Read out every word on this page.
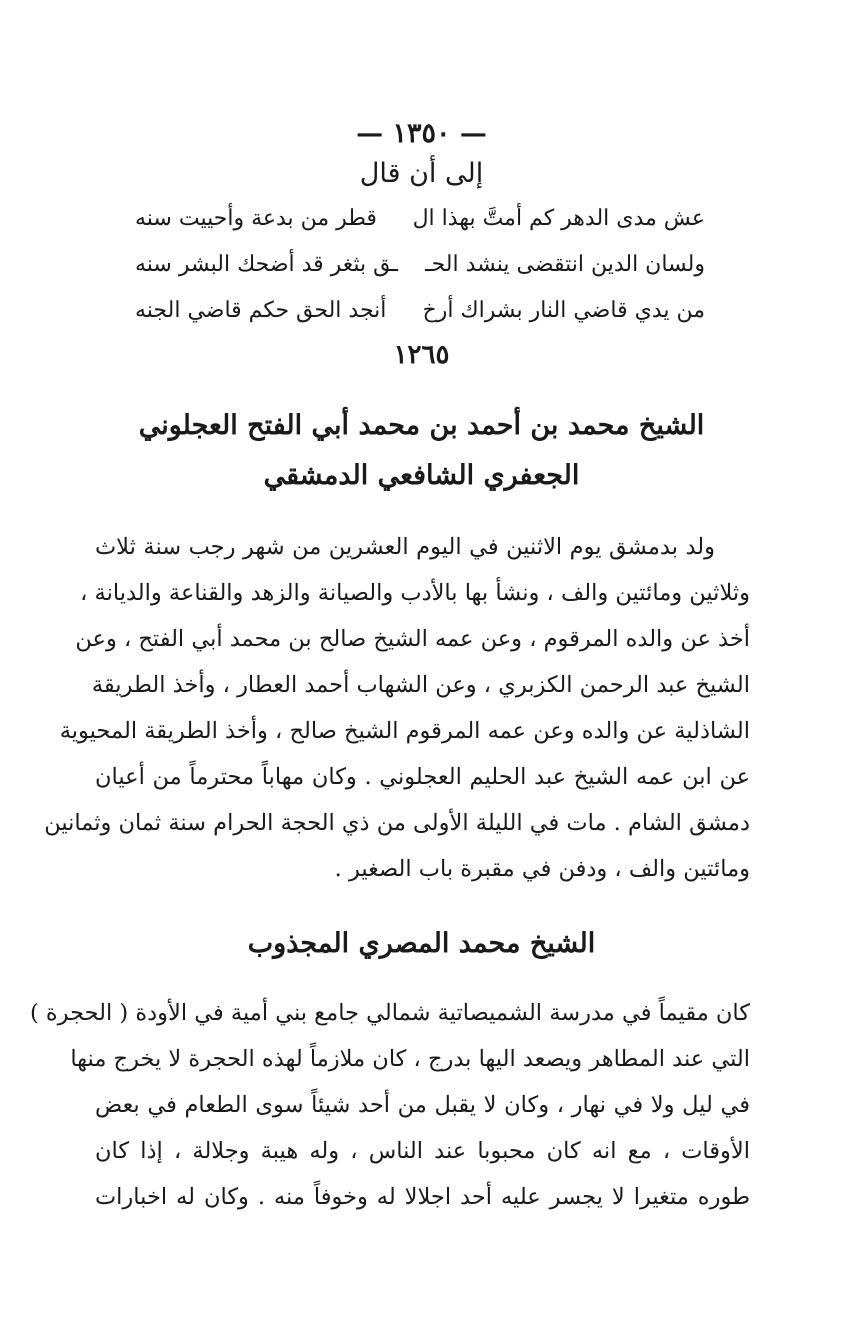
— ١٣٥٠ —
إلى أن قال
عش مدى الدهر كم أمتَّ بهذا ال
قطر من بدعة وأحييت سنه
ولسان الدين انتقضى ينشد الحـ
ـق بثغر قد أضحك البشر سنه
من يدي قاضي النار بشراك أرخ
أنجد الحق حكم قاضي الجنه
١٢٦٥
الشيخ محمد بن أحمد بن محمد أبي الفتح العجلوني
الجعفري الشافعي الدمشقي
ولد بدمشق يوم الاثنين في اليوم العشرين من شهر رجب سنة ثلاث
وثلاثين ومائتين والف ، ونشأ بها بالأدب والصيانة والزهد والقناعة والديانة ،
أخذ عن والده المرقوم ، وعن عمه الشيخ صالح بن محمد أبي الفتح ، وعن
الشيخ عبد الرحمن الكزبري ، وعن الشهاب أحمد العطار ، وأخذ الطريقة
الشاذلية عن والده وعن عمه المرقوم الشيخ صالح ، وأخذ الطريقة المحيوية
عن ابن عمه الشيخ عبد الحليم العجلوني . وكان مهاباً محترماً من أعيان
دمشق الشام . مات في الليلة الأولى من ذي الحجة الحرام سنة ثمان وثمانين
ومائتين والف ، ودفن في مقبرة باب الصغير .
الشيخ محمد المصري المجذوب
كان مقيماً في مدرسة الشميصاتية شمالي جامع بني أمية في الأودة ( الحجرة )
التي عند المطاهر ويصعد اليها بدرج ، كان ملازماً لهذه الحجرة لا يخرج منها
في ليل ولا في نهار ، وكان لا يقبل من أحد شيئاً سوى الطعام في بعض
الأوقات ، مع انه كان محبوبا عند الناس ، وله هيبة وجلالة ، إذا كان
طوره متغيرا لا يجسر عليه أحد اجلالا له وخوفاً منه . وكان له اخبارات
